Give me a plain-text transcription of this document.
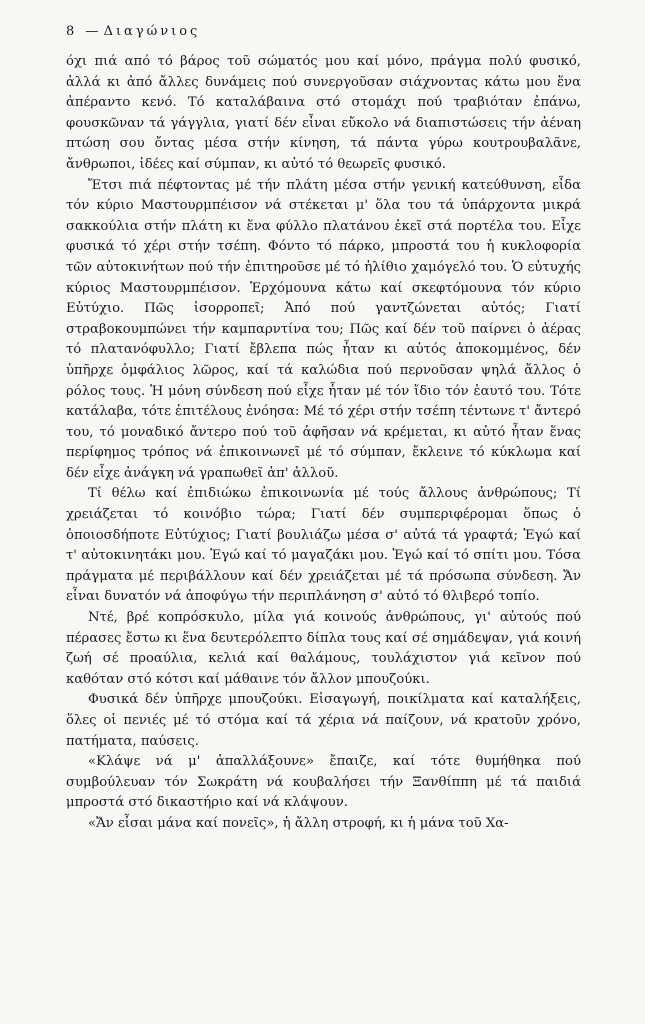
8 — Διαγώνιος

όχι πιά από τό βάρος τοῦ σώματός μου καί μόνο, πράγμα πολύ φυσικό, ἀλλά κι ἀπό ἄλλες δυνάμεις πού συνεργοῦσαν σιάχνοντας κάτω μου ἕνα ἀπέραντο κενό. Τό καταλάβαινα στό στομάχι πού τραβιόταν ἐπάνω, φουσκῶναν τά γάγγλια, γιατί δέν εἶναι εὔκολο νά διαπιστώσεις τήν ἀέναη πτώση σου ὄντας μέσα στήν κίνηση, τά πάντα γύρω κουτρουβαλᾶνε, ἄνθρωποι, ἰδέες καί σύμπαν, κι αὐτό τό θεωρεῖς φυσικό.

Ἔτσι πιά πέφτοντας μέ τήν πλάτη μέσα στήν γενική κατεύθυνση, εἶδα τόν κύριο Μαστουρμπέισον νά στέκεται μ' ὅλα του τά ὑπάρχοντα μικρά σακκούλια στήν πλάτη κι ἕνα φύλλο πλατάνου ἐκεῖ στά πορτέλα του. Εἶχε φυσικά τό χέρι στήν τσέπη. Φόντο τό πάρκο, μπροστά του ἡ κυκλοφορία τῶν αὐτοκινήτων πού τήν ἐπιτηροῦσε μέ τό ἠλίθιο χαμόγελό του. Ὁ εὐτυχής κύριος Μαστουρμπέισον. Ἐρχόμουνα κάτω καί σκεφτόμουνα τόν κύριο Εὐτύχιο. Πῶς ἰσορροπεῖ; Ἀπό πού γαντζώνεται αὐτός; Γιατί στραβοκουμπώνει τήν καμπαρντίνα του; Πῶς καί δέν τοῦ παίρνει ὁ ἀέρας τό πλατανόφυλλο; Γιατί ἔβλεπα πώς ἦταν κι αὐτός ἀποκομμένος, δέν ὑπῆρχε ὀμφάλιος λῶρος, καί τά καλώδια πού περνοῦσαν ψηλά ἄλλος ὁ ρόλος τους. Ἡ μόνη σύνδεση πού εἶχε ἦταν μέ τόν ἴδιο τόν ἑαυτό του. Τότε κατάλαβα, τότε ἐπιτέλους ἐνόησα: Μέ τό χέρι στήν τσέπη τέντωνε τ' ἄντερό του, τό μοναδικό ἄντερο πού τοῦ ἀφῆσαν νά κρέμεται, κι αὐτό ἦταν ἕνας περίφημος τρόπος νά ἐπικοινωνεῖ μέ τό σύμπαν, ἔκλεινε τό κύκλωμα καί δέν εἶχε ἀνάγκη νά γραπωθεῖ ἀπ' ἀλλοῦ.

Τί θέλω καί ἐπιδιώκω ἐπικοινωνία μέ τούς ἄλλους ἀνθρώπους; Τί χρειάζεται τό κοινόβιο τώρα; Γιατί δέν συμπεριφέρομαι ὅπως ὁ ὁποιοσδήποτε Εὐτύχιος; Γιατί βουλιάζω μέσα σ' αὐτά τά γραφτά; Ἐγώ καί τ' αὐτοκινητάκι μου. Ἐγώ καί τό μαγαζάκι μου. Ἐγώ καί τό σπίτι μου. Τόσα πράγματα μέ περιβάλλουν καί δέν χρειάζεται μέ τά πρόσωπα σύνδεση. Ἄν εἶναι δυνατόν νά ἀποφύγω τήν περιπλάνηση σ' αὐτό τό θλιβερό τοπίο.

Ντέ, βρέ κοπρόσκυλο, μίλα γιά κοινούς ἀνθρώπους, γι' αὐτούς πού πέρασες ἔστω κι ἕνα δευτερόλεπτο δίπλα τους καί σέ σημάδεψαν, γιά κοινή ζωή σέ προαύλια, κελιά καί θαλάμους, τουλάχιστον γιά κεῖνον πού καθόταν στό κότσι καί μάθαινε τόν ἄλλον μπουζούκι.

Φυσικά δέν ὑπῆρχε μπουζούκι. Εἰσαγωγή, ποικίλματα καί καταλήξεις, ὅλες οἱ πενιές μέ τό στόμα καί τά χέρια νά παίζουν, νά κρατοῦν χρόνο, πατήματα, παύσεις.

«Κλάψε νά μ' ἀπαλλάξουνε» ἔπαιζε, καί τότε θυμήθηκα πού συμβούλευαν τόν Σωκράτη νά κουβαλήσει τήν Ξανθίππη μέ τά παιδιά μπροστά στό δικαστήριο καί νά κλάψουν.

«Ἄν εἶσαι μάνα καί πονεῖς», ἡ ἄλλη στροφή, κι ἡ μάνα τοῦ Χα-
